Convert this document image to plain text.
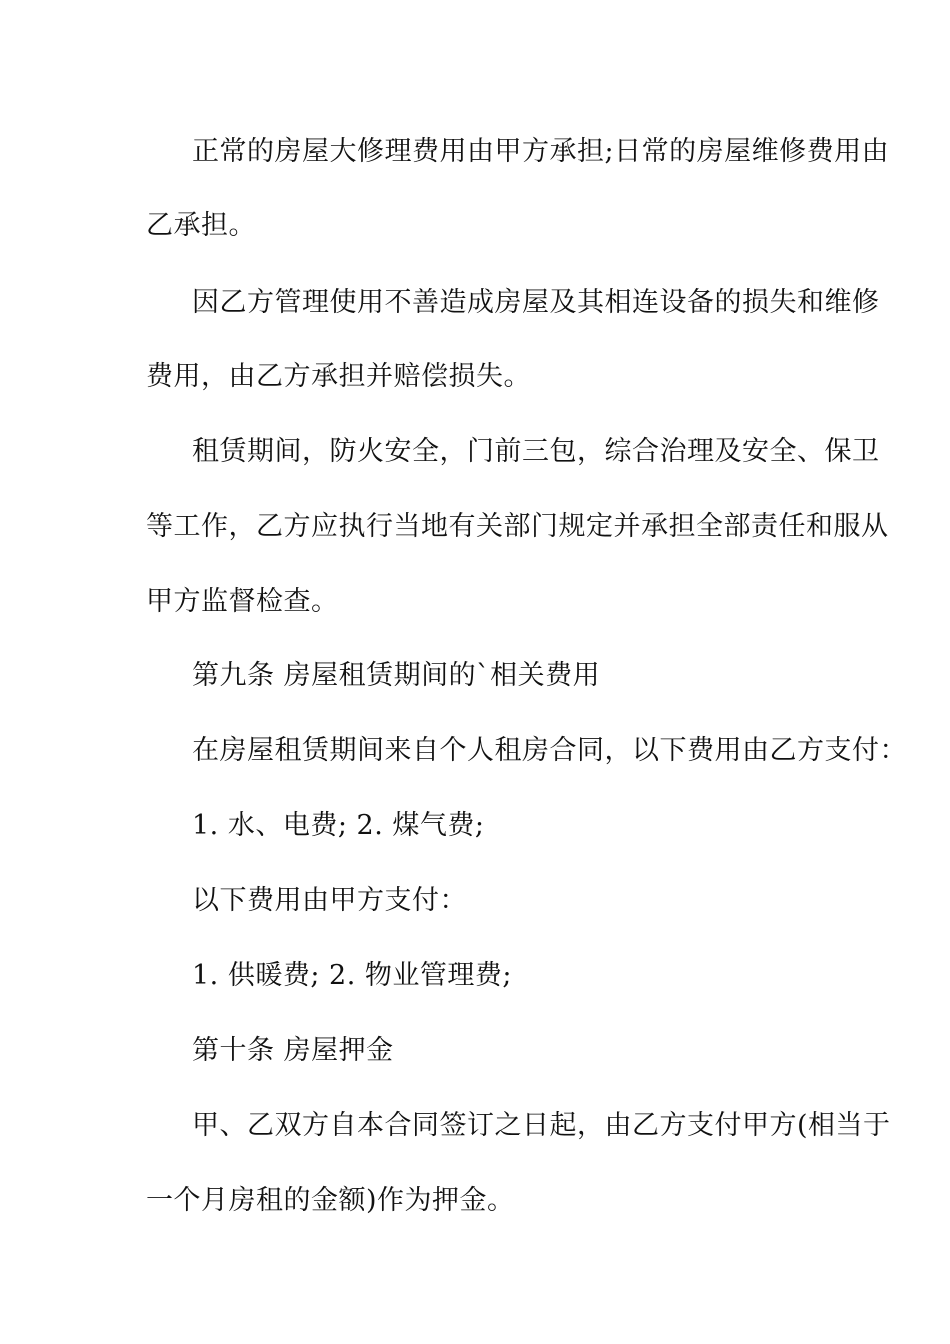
正常的房屋大修理费用由甲方承担;日常的房屋维修费用由
乙承担。
因乙方管理使用不善造成房屋及其相连设备的损失和维修
费用，由乙方承担并赔偿损失。
租赁期间，防火安全，门前三包，综合治理及安全、保卫
等工作，乙方应执行当地有关部门规定并承担全部责任和服从
甲方监督检查。
第九条 房屋租赁期间的`相关费用
在房屋租赁期间来自个人租房合同，以下费用由乙方支付：
1. 水、电费; 2. 煤气费;
以下费用由甲方支付：
1. 供暖费; 2. 物业管理费;
第十条 房屋押金
甲、乙双方自本合同签订之日起，由乙方支付甲方(相当于
一个月房租的金额)作为押金。
